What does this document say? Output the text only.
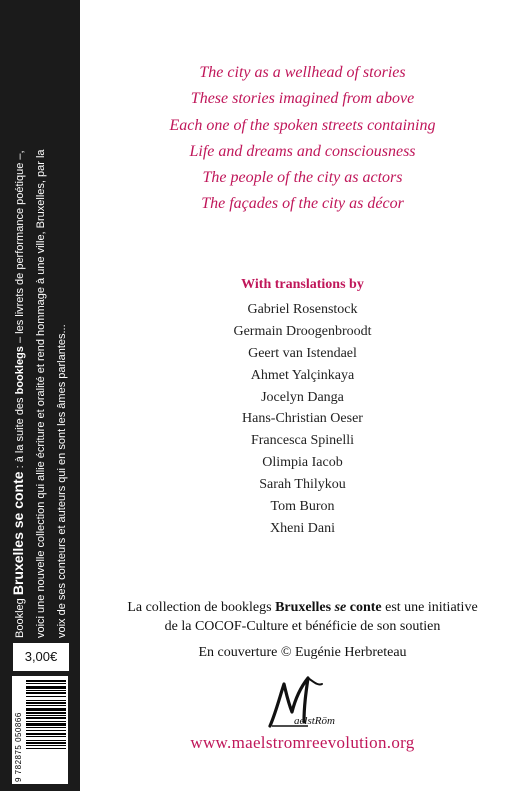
Bookleg Bruxelles se conte : à la suite des booklegs – les livrets de performance poétique –, voici une nouvelle collection qui allie écriture et oralité et rend hommage à une ville, Bruxelles, par la voix de ses conteurs et auteurs qui en sont les âmes parlantes...
3,00€
9 782875 050866
The city as a wellhead of stories
These stories imagined from above
Each one of the spoken streets containing
Life and dreams and consciousness
The people of the city as actors
The façades of the city as décor
With translations by
Gabriel Rosenstock
Germain Droogenbroodt
Geert van Istendael
Ahmet Yalçinkaya
Jocelyn Danga
Hans-Christian Oeser
Francesca Spinelli
Olimpia Iacob
Sarah Thilykou
Tom Buron
Xheni Dani
La collection de booklegs Bruxelles se conte est une initiative
de la COCOF-Culture et bénéficie de son soutien
En couverture © Eugénie Herbreteau
aelstRöm
www.maelstromreevolution.org
